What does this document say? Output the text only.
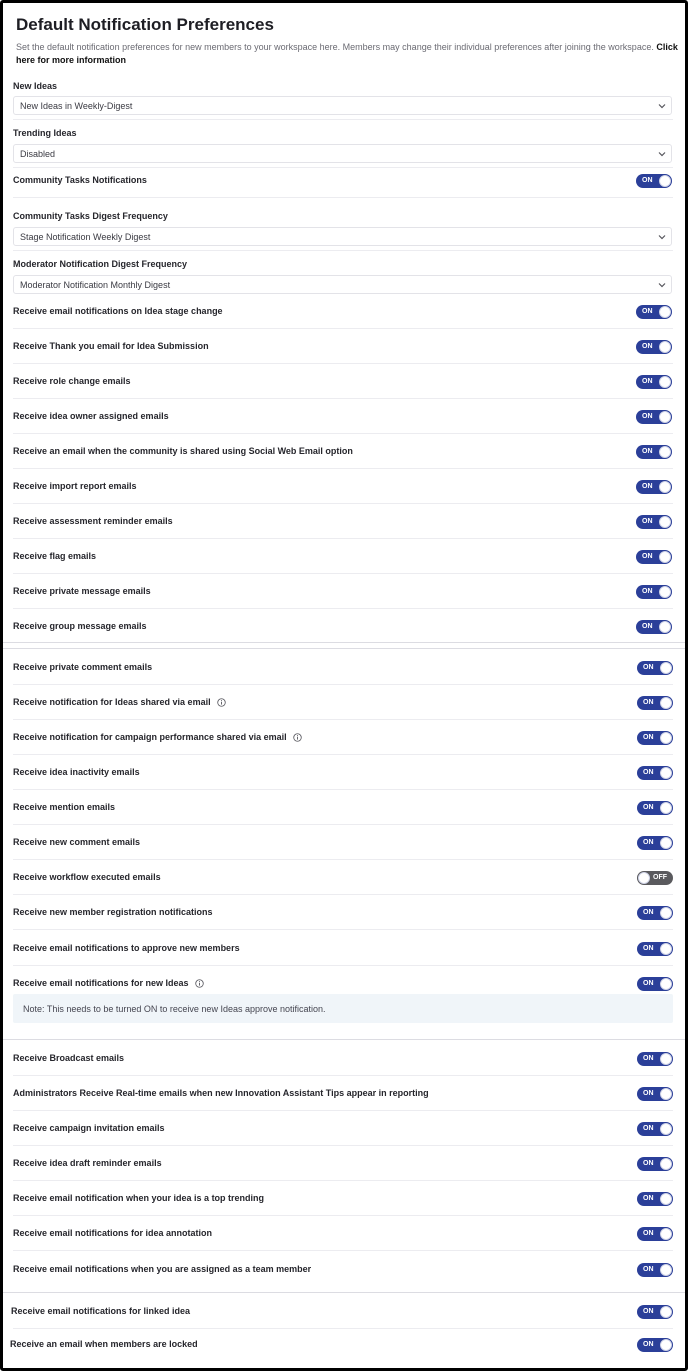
Default Notification Preferences
Set the default notification preferences for new members to your workspace here. Members may change their individual preferences after joining the workspace. Click here for more information
New Ideas
New Ideas in Weekly-Digest
Trending Ideas
Disabled
Community Tasks Digest Frequency
Stage Notification Weekly Digest
Moderator Notification Digest Frequency
Moderator Notification Monthly Digest
Community Tasks Notifications	ON
Receive email notifications on Idea stage change	ON
Receive Thank you email for Idea Submission	ON
Receive role change emails	ON
Receive idea owner assigned emails	ON
Receive an email when the community is shared using Social Web Email option	ON
Receive import report emails	ON
Receive assessment reminder emails	ON
Receive flag emails	ON
Receive private message emails	ON
Receive group message emails	ON
Receive private comment emails	ON
Receive notification for Ideas shared via email	ON
Receive notification for campaign performance shared via email	ON
Receive idea inactivity emails	ON
Receive mention emails	ON
Receive new comment emails	ON
Receive workflow executed emails	OFF
Receive new member registration notifications	ON
Receive email notifications to approve new members	ON
Receive email notifications for new Ideas	ON
Receive Broadcast emails	ON
Administrators Receive Real-time emails when new Innovation Assistant Tips appear in reporting	ON
Receive campaign invitation emails	ON
Receive idea draft reminder emails	ON
Receive email notification when your idea is a top trending	ON
Receive email notifications for idea annotation	ON
Receive email notifications when you are assigned as a team member	ON
Receive email notifications for linked idea	ON
Receive an email when members are locked	ON
Note: This needs to be turned ON to receive new Ideas approve notification.
